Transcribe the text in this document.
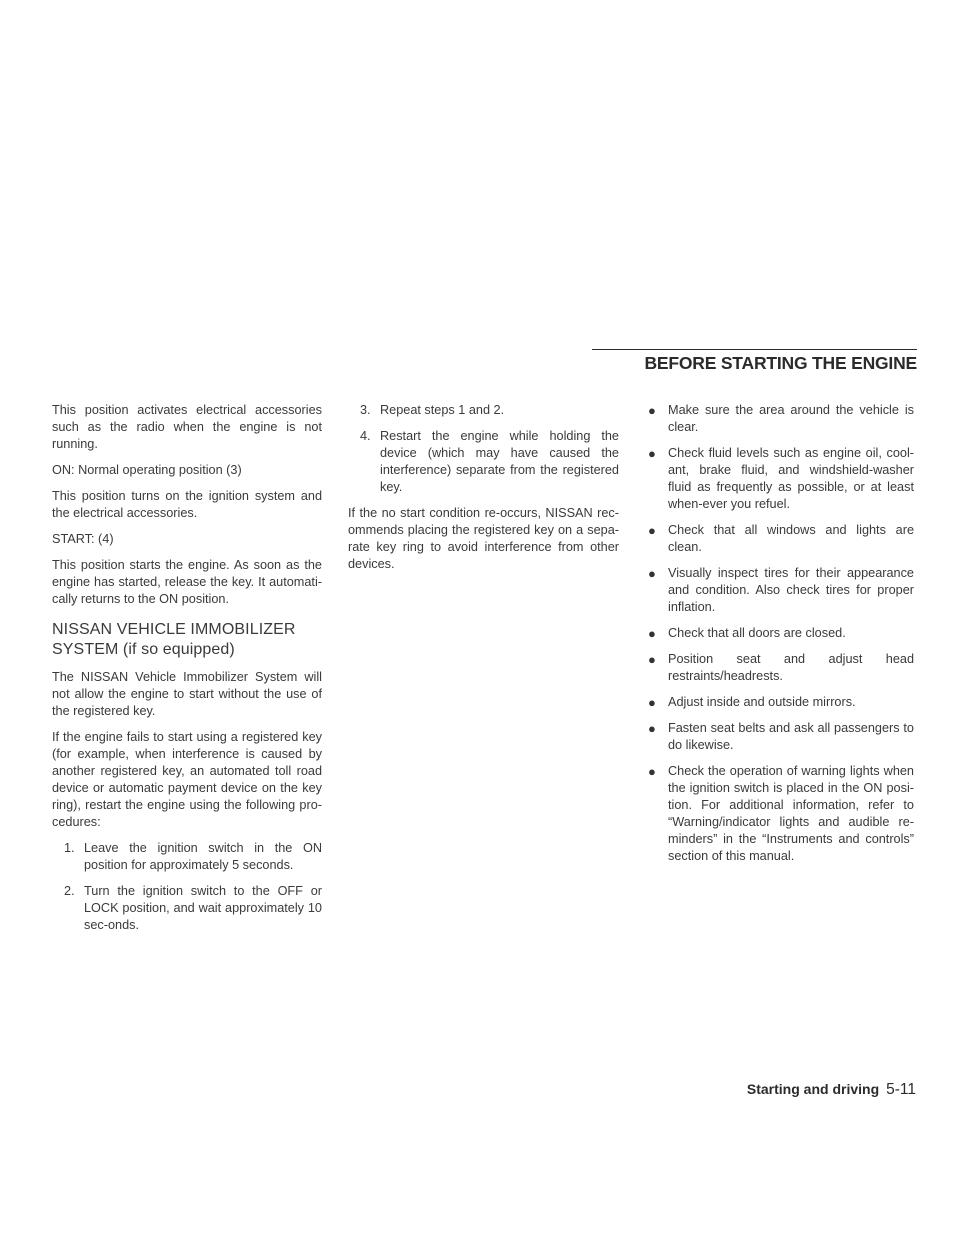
BEFORE STARTING THE ENGINE

This position activates electrical accessories such as the radio when the engine is not running.

ON: Normal operating position (3)

This position turns on the ignition system and the electrical accessories.

START: (4)

This position starts the engine. As soon as the engine has started, release the key. It automati-cally returns to the ON position.

NISSAN VEHICLE IMMOBILIZER
SYSTEM (if so equipped)

The NISSAN Vehicle Immobilizer System will not allow the engine to start without the use of the registered key.

If the engine fails to start using a registered key (for example, when interference is caused by another registered key, an automated toll road device or automatic payment device on the key ring), restart the engine using the following pro-cedures:

1. Leave the ignition switch in the ON position for approximately 5 seconds.
2. Turn the ignition switch to the OFF or LOCK position, and wait approximately 10 sec-onds.
3. Repeat steps 1 and 2.
4. Restart the engine while holding the device (which may have caused the interference) separate from the registered key.

If the no start condition re-occurs, NISSAN rec-ommends placing the registered key on a sepa-rate key ring to avoid interference from other devices.

● Make sure the area around the vehicle is clear.
● Check fluid levels such as engine oil, cool-ant, brake fluid, and windshield-washer fluid as frequently as possible, or at least when-ever you refuel.
● Check that all windows and lights are clean.
● Visually inspect tires for their appearance and condition. Also check tires for proper inflation.
● Check that all doors are closed.
● Position seat and adjust head restraints/headrests.
● Adjust inside and outside mirrors.
● Fasten seat belts and ask all passengers to do likewise.
● Check the operation of warning lights when the ignition switch is placed in the ON posi-tion. For additional information, refer to “Warning/indicator lights and audible re-minders” in the “Instruments and controls” section of this manual.
Starting and driving 5-11
